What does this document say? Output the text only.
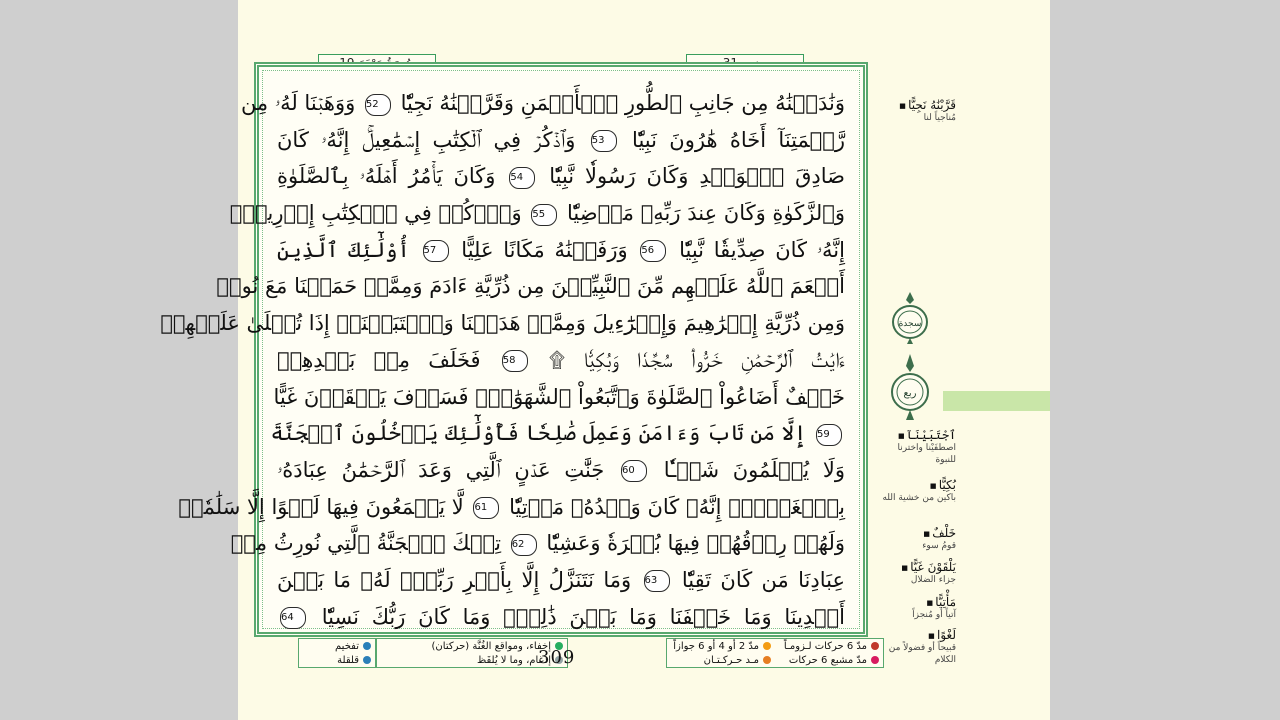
وَنَٰدَيۡنَٰهُ مِن جَانِبِ ٱلطُّورِ ٱلۡأَيۡمَنِ وَقَرَّبۡنَٰهُ نَجِيّٗا 52 وَوَهَبۡنَا لَهُۥ مِن
رَّحۡمَتِنَآ أَخَاهُ هَٰرُونَ نَبِيّٗا 53 وَٱذۡكُرۡ فِي ٱلۡكِتَٰبِ إِسۡمَٰعِيلَۚ إِنَّهُۥ كَانَ
صَادِقَ ٱلۡوَعۡدِ وَكَانَ رَسُولٗا نَّبِيّٗا 54 وَكَانَ يَأۡمُرُ أَهۡلَهُۥ بِٱلصَّلَوٰةِ
وَٱلزَّكَوٰةِ وَكَانَ عِندَ رَبِّهِۦ مَرۡضِيّٗا 55 وَٱذۡكُرۡ فِي ٱلۡكِتَٰبِ إِدۡرِيسَۚ
إِنَّهُۥ كَانَ صِدِّيقٗا نَّبِيّٗا 56 وَرَفَعۡنَٰهُ مَكَانًا عَلِيًّا 57 أُوْلَٰٓئِكَ ٱلَّذِينَ
أَنۡعَمَ ٱللَّهُ عَلَيۡهِم مِّنَ ٱلنَّبِيِّـۧنَ مِن ذُرِّيَّةِ ءَادَمَ وَمِمَّنۡ حَمَلۡنَا مَعَ نُوحٖ
وَمِن ذُرِّيَّةِ إِبۡرَٰهِيمَ وَإِسۡرَٰٓءِيلَ وَمِمَّنۡ هَدَيۡنَا وَٱجۡتَبَيۡنَآۚ إِذَا تُتۡلَىٰ عَلَيۡهِمۡ
ءَايَٰتُ ٱلرَّحۡمَٰنِ خَرُّواْۤ سُجَّدٗا وَبُكِيّٗا ۩ 58 فَخَلَفَ مِنۢ بَعۡدِهِمۡ
خَلۡفٌ أَضَاعُواْ ٱلصَّلَوٰةَ وَٱتَّبَعُواْ ٱلشَّهَوَٰتِۖ فَسَوۡفَ يَلۡقَوۡنَ غَيًّا
59 إِلَّا مَن تَابَ وَءَامَنَ وَعَمِلَ صَٰلِحٗا فَأُوْلَٰٓئِكَ يَدۡخُلُونَ ٱلۡجَنَّةَ
وَلَا يُظۡلَمُونَ شَيۡـٔٗا 60 جَنَّٰتِ عَدۡنٍ ٱلَّتِي وَعَدَ ٱلرَّحۡمَٰنُ عِبَادَهُۥ
بِٱلۡغَيۡبِۚ إِنَّهُۥ كَانَ وَعۡدُهُۥ مَأۡتِيّٗا 61 لَّا يَسۡمَعُونَ فِيهَا لَغۡوًا إِلَّا سَلَٰمٗاۖ
وَلَهُمۡ رِزۡقُهُمۡ فِيهَا بُكۡرَةٗ وَعَشِيّٗا 62 تِلۡكَ ٱلۡجَنَّةُ ٱلَّتِي نُورِثُ مِنۡ
عِبَادِنَا مَن كَانَ تَقِيّٗا 63 وَمَا نَتَنَزَّلُ إِلَّا بِأَمۡرِ رَبِّكَۖ لَهُۥ مَا بَيۡنَ
أَيۡدِينَا وَمَا خَلۡفَنَا وَمَا بَيۡنَ ذَٰلِكَۚ وَمَا كَانَ رَبُّكَ نَسِيّٗا 64
مدّ 6 حركات لـزومـاً
مدّ مشبع 6 حركات
مدّ 2 أو 4 أو 6 جوازاً
مـد حـركـتـان
إخفاء، ومواقع الغُنَّة (حركتان)
إدغام، وما لا يُلفَظ
تفخيم
قلقلة	309
سجدة
ربع
قَرَّبْنَٰهُ نَجِيًّا ■
مُناجياً لنا
ٱجْتَبَيْنَآ ■
اصطفَيْنا واخترنا للنبوة
بُكِيًّا ■
باكين من خشية الله
خَلْفٌ ■
قومُ سوء
يَلْقَوْنَ غَيًّا ■
جزاء الضلال
مَأْتِيًّا ■
آتياً أو مُنجزاً
لَغْوًا ■
قبيحاً أو فضولاً من الكلام
